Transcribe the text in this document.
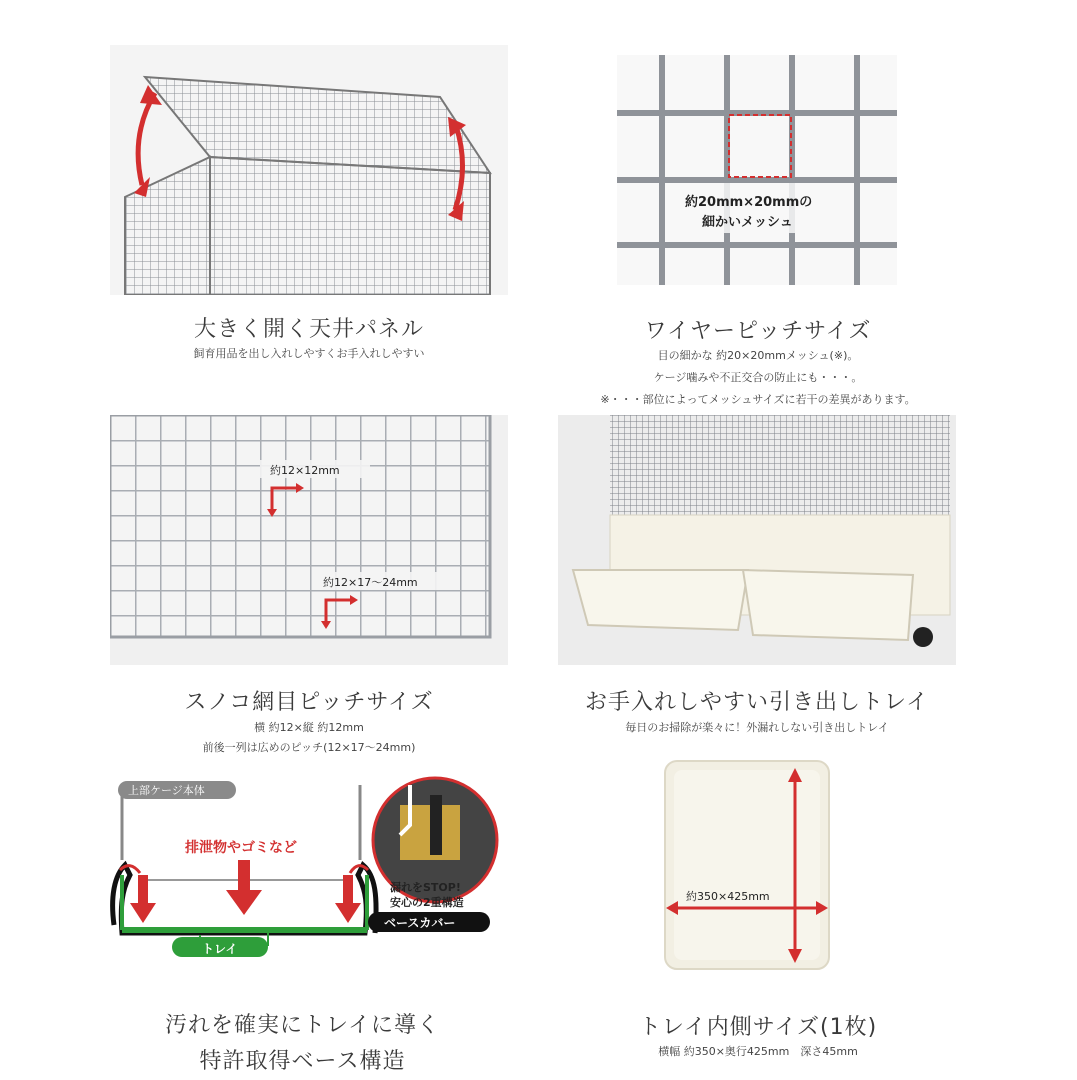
大きく開く天井パネル
飼育用品を出し入れしやすくお手入れしやすい
約20mm×20mmの
細かいメッシュ
ワイヤーピッチサイズ
目の細かな 約20×20mmメッシュ(※)。
ケージ噛みや不正交合の防止にも・・・。
※・・・部位によってメッシュサイズに若干の差異があります。
約12×12mm
約12×17〜24mm
スノコ網目ピッチサイズ
横 約12×縦 約12mm
前後一列は広めのピッチ(12×17〜24mm)
お手入れしやすい引き出しトレイ
毎日のお掃除が楽々に！外漏れしない引き出しトレイ
上部ケージ本体
排泄物やゴミなど
漏れをSTOP!
安心の2重構造
ベースカバー
トレイ
汚れを確実にトレイに導く
特許取得ベース構造
約350×425mm
トレイ内側サイズ(1枚)
横幅 約350×奥行425mm　深さ45mm
